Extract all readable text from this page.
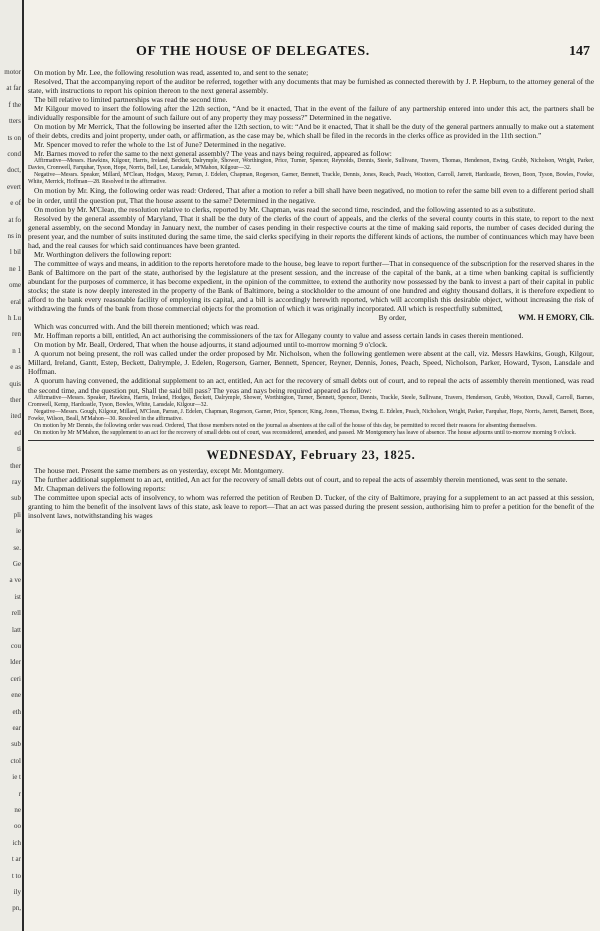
motor
at far
f the
tters
ts on
cond
doct,
evert
e of
at fo
ns in
l bil
ne 1
ome
eral
h Lu
ren
n 1
e as
quis
ther
ited
ed
ti
ther
ray
sub
pli
ie
se.
Ge
a ve
ist
rell
latt
cou
lder
ceri
ene
eth
ear
sub
ctol
ie t
r
ne
oo
ich
t ar
t to
ily
pn,
OF THE HOUSE OF DELEGATES.	147

On motion by Mr. Lee, the following resolution was read, assented to, and sent to the senate;

Resolved, That the accompanying report of the auditor be referred, together with any documents that may be furnished as connected therewith by J. P. Hepburn, to the attorney general of the state, with instructions to report his opinion thereon to the next general assembly.

The bill relative to limited partnerships was read the second time.

Mr Kilgour moved to insert the following after the 12th section, “And be it enacted, That in the event of the failure of any partnership entered into under this act, the partners shall be individually responsible for the amount of such failure out of any property they may possess?” Determined in the negative.

On motion by Mr Merrick, That the following be inserted after the 12th section, to wit: “And be it enacted, That it shall be the duty of the general partners annually to make out a statement of their debts, credits and joint property, under oath, or affirmation, as the case may be, which shall be filed in the records in the clerks office as provided in the 11th section.”

Mr. Spencer moved to refer the whole to the 1st of June? Determined in the negative.

Mr. Barnes moved to refer the same to the next general assembly? The yeas and nays being required, appeared as follow:

Affirmative—Messrs. Hawkins, Kilgour, Harris, Ireland, Beckett, Dalrymple, Shower, Worthington, Price, Turner, Spencer, Reynolds, Dennis, Steele, Sullivane, Travers, Thomas, Henderson, Ewing, Grubb, Nicholson, Wright, Parker, Davies, Cromwell, Farquhar, Tyson, Hope, Norris, Bell, Lee, Lansdale, M'Mahon, Kilgour—32.

Negative—Messrs. Speaker, Millard, M'Clean, Hodges, Maxey, Parran, J. Edelen, Chapman, Rogerson, Garner, Bennett, Trackle, Dennis, Jones, Reach, Peach, Wootton, Carroll, Jarrett, Hardcastle, Brown, Boon, Tyson, Bowles, Fowke, White, Merrick, Hoffman—28. Resolved in the affirmative.

On motion by Mr. King, the following order was read: Ordered, That after a motion to refer a bill shall have been negatived, no motion to refer the same bill even to a different period shall be in order, until the question put, That the house assent to the same? Determined in the negative.

On motion by Mr. M'Clean, the resolution relative to clerks, reported by Mr. Chapman, was read the second time, rescinded, and the following assented to as a substitute.

Resolved by the general assembly of Maryland, That it shall be the duty of the clerks of the court of appeals, and the clerks of the several county courts in this state, to report to the next general assembly, on the second Monday in January next, the number of cases pending in their respective courts at the time of making said reports, the number of cases decided during the present year, and the number of suits instituted during the same time, the said clerks specifying in their reports the different kinds of actions, the number of continuances which may have been had, and the real causes for which said continuances have been granted.

Mr. Worthington delivers the following report:

The committee of ways and means, in addition to the reports heretofore made to the house, beg leave to report further—That in consequence of the subscription for the reserved shares in the Bank of Baltimore on the part of the state, authorised by the legislature at the present session, and the increase of the capital of the bank, at a time when banking capital is sufficiently abundant for the purposes of commerce, it has become expedient, in the opinion of the committee, to extend the authority now possessed by the bank to invest a part of their capital in public stocks; the state is now deeply interested in the property of the Bank of Baltimore, being a stockholder to the amount of one hundred and eighty thousand dollars, it is therefore expedient to afford to the bank every reasonable facility of employing its capital, and a bill is accordingly herewith reported, which will accomplish this desirable object, without increasing the risk of withdrawing the funds of the bank from those commercial objects for the promotion of which it was originally incorporated. All which is respectfully submitted,

By order,	WM. H EMORY, Clk.

Which was concurred with. And the bill therein mentioned; which was read.

Mr. Hoffman reports a bill, entitled, An act authorising the commissioners of the tax for Allegany county to value and assess certain lands in cases therein mentioned.

On motion by Mr. Beall, Ordered, That when the house adjourns, it stand adjourned until to-morrow morning 9 o'clock.

A quorum not being present, the roll was called under the order proposed by Mr. Nicholson, when the following gentlemen were absent at the call, viz. Messrs Hawkins, Gough, Kilgour, Millard, Ireland, Gantt, Estep, Beckett, Dalrymple, J. Edelen, Rogerson, Garner, Bennett, Spencer, Reyner, Dennis, Jones, Peach, Speed, Nicholson, Parker, Howard, Tyson, Lansdale and Hoffman.

A quorum having convened, the additional supplement to an act, entitled, An act for the recovery of small debts out of court, and to repeal the acts of assembly therein mentioned, was read the second time, and the question put, Shall the said bill pass? The yeas and nays being required appeared as follow:

Affirmative—Messrs. Speaker, Hawkins, Harris, Ireland, Hodges, Beckett, Dalrymple, Shower, Worthington, Turner, Bennett, Spencer, Dennis, Trackle, Steele, Sullivane, Travers, Henderson, Grubb, Wootton, Duvall, Carroll, Barnes, Cromwell, Kemp, Hardcastle, Tyson, Bowles, White, Lansdale, Kilgour—32.

Negative—Messrs. Gough, Kilgour, Millard, M'Clean, Parran, J. Edelen, Chapman, Rogerson, Garner, Price, Spencer, King, Jones, Thomas, Ewing, E. Edelen, Peach, Nicholson, Wright, Parker, Farquhar, Hope, Norris, Jarrett, Barnett, Boon, Fowke, Wilson, Beall, M'Mahon—30. Resolved in the affirmative.

On motion by Mr Dennis, the following order was read. Ordered, That those members noted on the journal as absentees at the call of the house of this day, be permitted to record their reasons for absenting themselves.

On motion by Mr M'Mahon, the supplement to an act for the recovery of small debts out of court, was reconsidered, amended, and passed. Mr Montgomery has leave of absence. The house adjourns until to-morrow morning 9 o'clock.

WEDNESDAY, February 23, 1825.

The house met. Present the same members as on yesterday, except Mr. Montgomery.

The further additional supplement to an act, entitled, An act for the recovery of small debts out of court, and to repeal the acts of assembly therein mentioned, was sent to the senate.

Mr. Chapman delivers the following reports:

The committee upon special acts of insolvency, to whom was referred the petition of Reuben D. Tucker, of the city of Baltimore, praying for a supplement to an act passed at this session, granting to him the benefit of the insolvent laws of this state, ask leave to report—That an act was passed during the present session, authorising him to prefer a petition for the benefit of the insolvent laws, notwithstanding his wages
